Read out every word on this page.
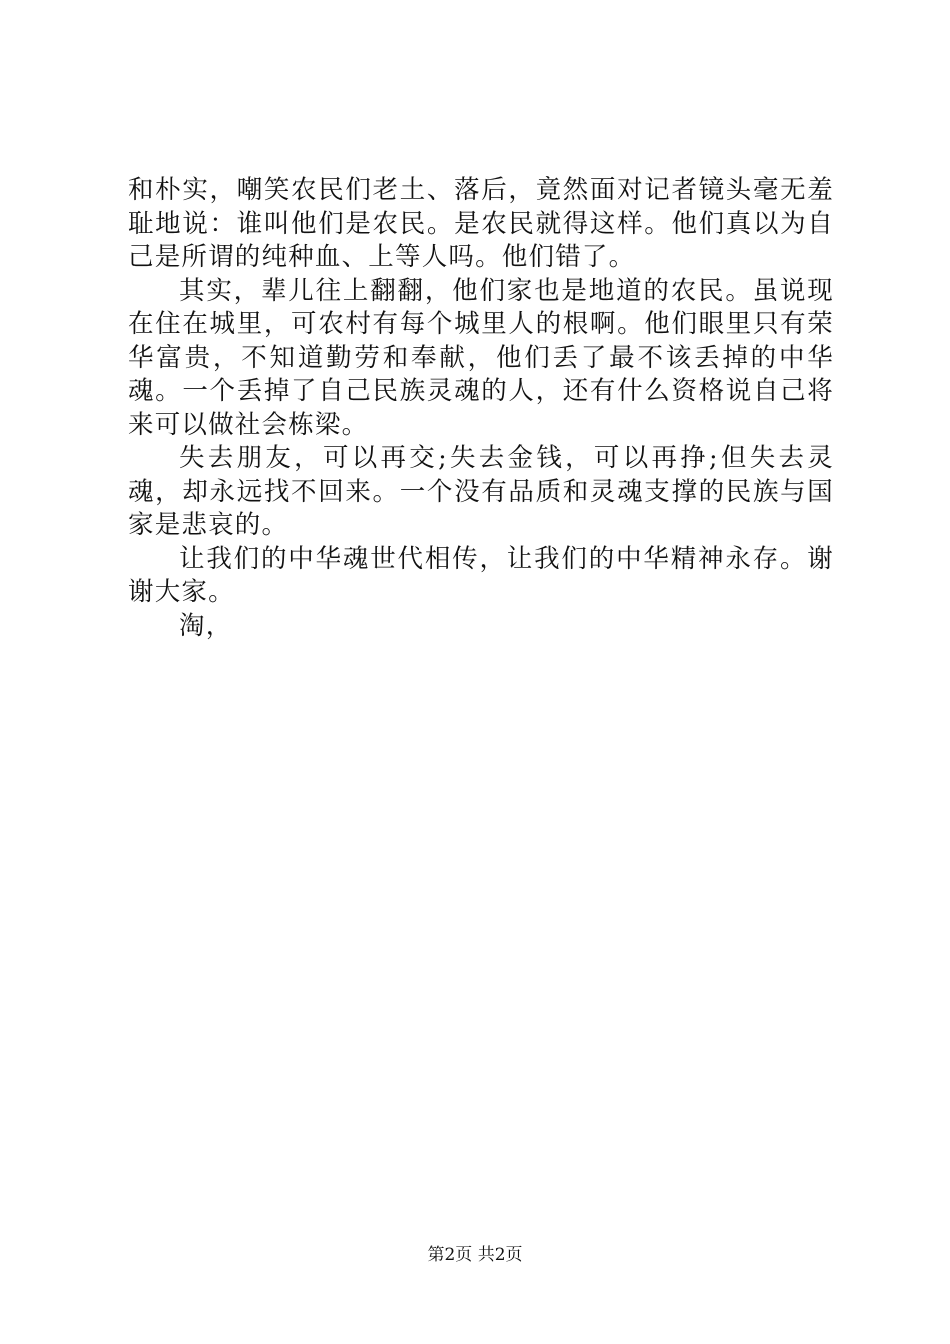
和朴实，嘲笑农民们老土、落后，竟然面对记者镜头毫无羞耻地说：谁叫他们是农民。是农民就得这样。他们真以为自己是所谓的纯种血、上等人吗。他们错了。

其实，辈儿往上翻翻，他们家也是地道的农民。虽说现在住在城里，可农村有每个城里人的根啊。他们眼里只有荣华富贵，不知道勤劳和奉献，他们丢了最不该丢掉的中华魂。一个丢掉了自己民族灵魂的人，还有什么资格说自己将来可以做社会栋梁。

失去朋友，可以再交;失去金钱，可以再挣;但失去灵魂，却永远找不回来。一个没有品质和灵魂支撑的民族与国家是悲哀的。

让我们的中华魂世代相传，让我们的中华精神永存。谢谢大家。

淘，

第2页 共2页
